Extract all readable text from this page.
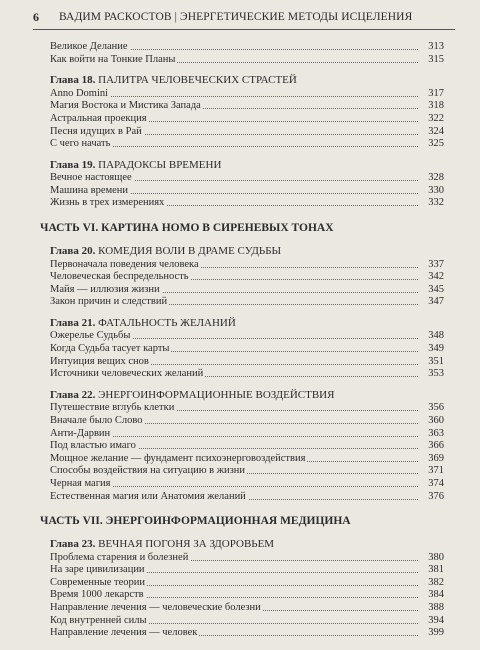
6 ВАДИМ РАСКОСТОВ | ЭНЕРГЕТИЧЕСКИЕ МЕТОДЫ ИСЦЕЛЕНИЯ
Великое Делание	313
Как войти на Тонкие Планы	315
Глава 18. ПАЛИТРА ЧЕЛОВЕЧЕСКИХ СТРАСТЕЙ
Anno Domini	317
Магия Востока и Мистика Запада	318
Астральная проекция	322
Песня идущих в Рай	324
С чего начать	325
Глава 19. ПАРАДОКСЫ ВРЕМЕНИ
Вечное настоящее	328
Машина времени	330
Жизнь в трех измерениях	332
ЧАСТЬ VI. КАРТИНА НОМО В СИРЕНЕВЫХ ТОНАХ
Глава 20. КОМЕДИЯ ВОЛИ В ДРАМЕ СУДЬБЫ
Первоначала поведения человека	337
Человеческая беспредельность	342
Майя — иллюзия жизни	345
Закон причин и следствий	347
Глава 21. ФАТАЛЬНОСТЬ ЖЕЛАНИЙ
Ожерелье Судьбы	348
Когда Судьба тасует карты	349
Интуиция вещих снов	351
Источники человеческих желаний	353
Глава 22. ЭНЕРГОИНФОРМАЦИОННЫЕ ВОЗДЕЙСТВИЯ
Путешествие вглубь клетки	356
Вначале было Слово	360
Анти-Дарвин	363
Под властью имаго	366
Мощное желание — фундамент психоэнерговоздействия	369
Способы воздействия на ситуацию в жизни	371
Черная магия	374
Естественная магия или Анатомия желаний	376
ЧАСТЬ VII. ЭНЕРГОИНФОРМАЦИОННАЯ МЕДИЦИНА
Глава 23. ВЕЧНАЯ ПОГОНЯ ЗА ЗДОРОВЬЕМ
Проблема старения и болезней	380
На заре цивилизации	381
Современные теории	382
Время 1000 лекарств	384
Направление лечения — человеческие болезни	388
Код внутренней силы	394
Направление лечения — человек	399
